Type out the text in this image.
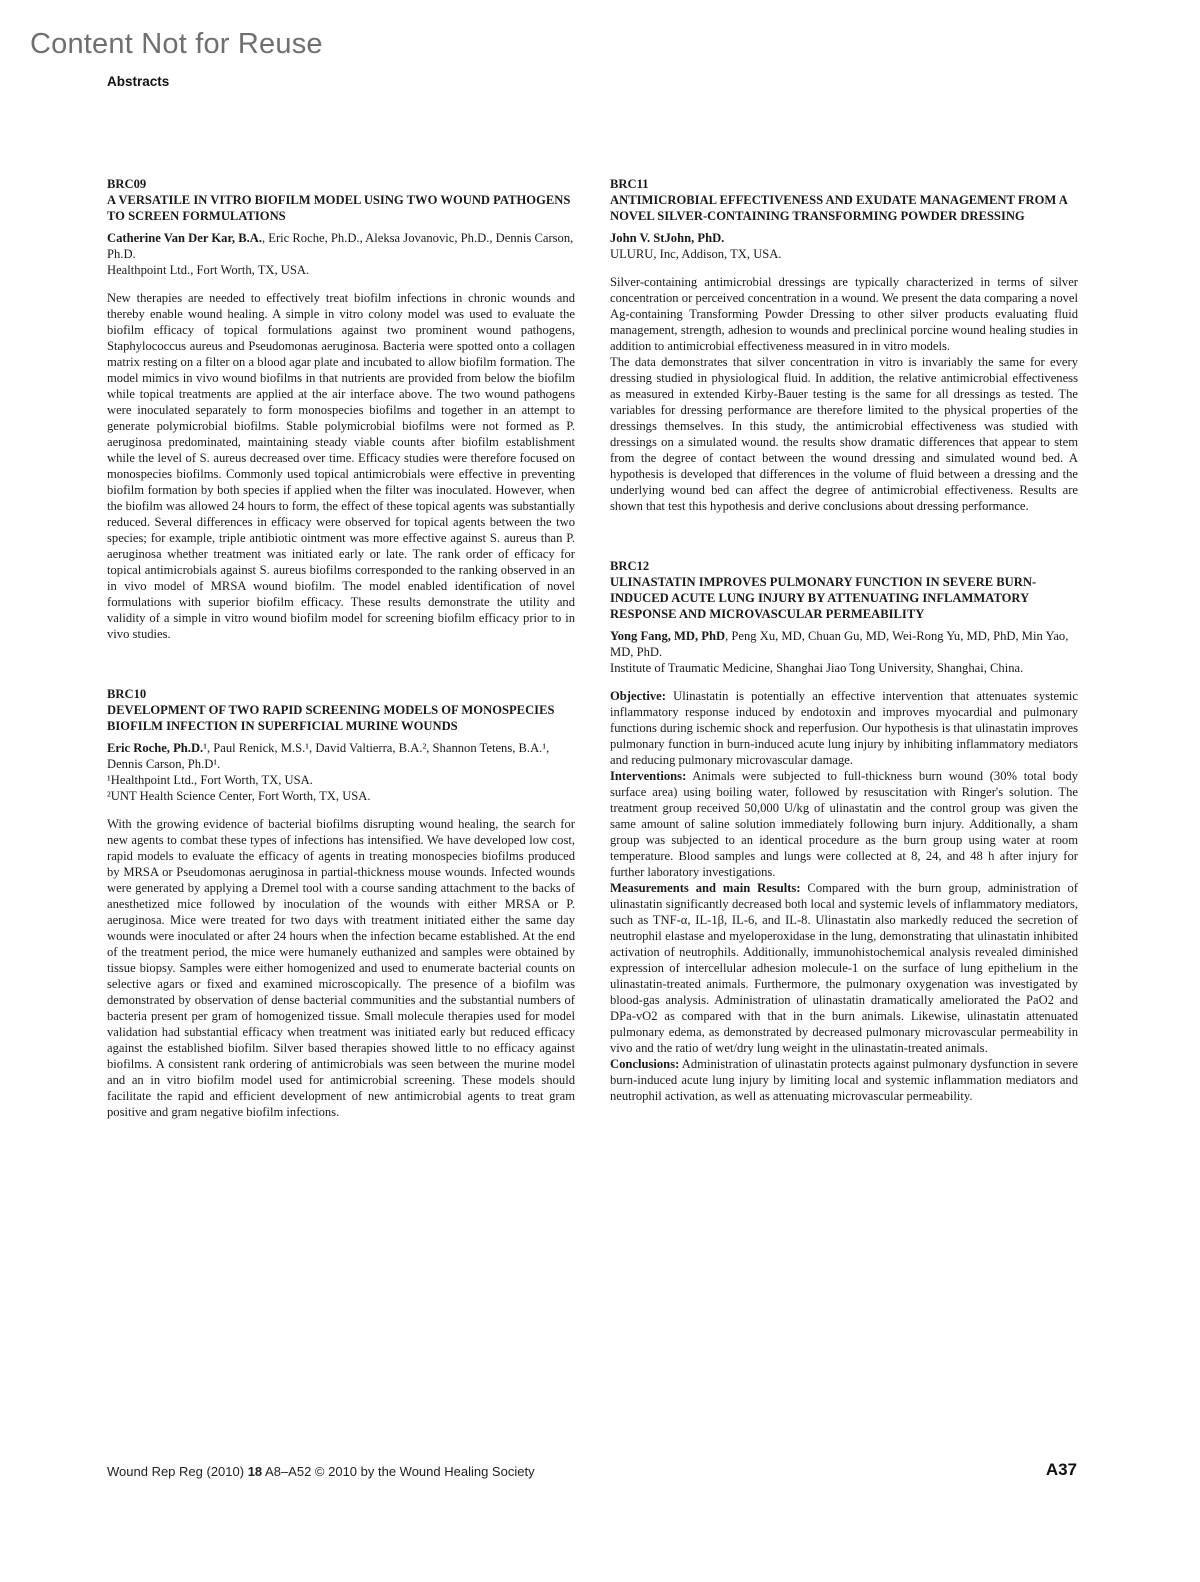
Content Not for Reuse
Abstracts
BRC09
A VERSATILE IN VITRO BIOFILM MODEL USING TWO WOUND PATHOGENS TO SCREEN FORMULATIONS
Catherine Van Der Kar, B.A., Eric Roche, Ph.D., Aleksa Jovanovic, Ph.D., Dennis Carson, Ph.D.
Healthpoint Ltd., Fort Worth, TX, USA.

New therapies are needed to effectively treat biofilm infections in chronic wounds and thereby enable wound healing. A simple in vitro colony model was used to evaluate the biofilm efficacy of topical formulations against two prominent wound pathogens, Staphylococcus aureus and Pseudomonas aeruginosa. Bacteria were spotted onto a collagen matrix resting on a filter on a blood agar plate and incubated to allow biofilm formation. The model mimics in vivo wound biofilms in that nutrients are provided from below the biofilm while topical treatments are applied at the air interface above. The two wound pathogens were inoculated separately to form monospecies biofilms and together in an attempt to generate polymicrobial biofilms. Stable polymicrobial biofilms were not formed as P. aeruginosa predominated, maintaining steady viable counts after biofilm establishment while the level of S. aureus decreased over time. Efficacy studies were therefore focused on monospecies biofilms. Commonly used topical antimicrobials were effective in preventing biofilm formation by both species if applied when the filter was inoculated. However, when the biofilm was allowed 24 hours to form, the effect of these topical agents was substantially reduced. Several differences in efficacy were observed for topical agents between the two species; for example, triple antibiotic ointment was more effective against S. aureus than P. aeruginosa whether treatment was initiated early or late. The rank order of efficacy for topical antimicrobials against S. aureus biofilms corresponded to the ranking observed in an in vivo model of MRSA wound biofilm. The model enabled identification of novel formulations with superior biofilm efficacy. These results demonstrate the utility and validity of a simple in vitro wound biofilm model for screening biofilm efficacy prior to in vivo studies.

BRC10
DEVELOPMENT OF TWO RAPID SCREENING MODELS OF MONOSPECIES BIOFILM INFECTION IN SUPERFICIAL MURINE WOUNDS
Eric Roche, Ph.D.¹, Paul Renick, M.S.¹, David Valtierra, B.A.², Shannon Tetens, B.A.¹, Dennis Carson, Ph.D¹.
¹Healthpoint Ltd., Fort Worth, TX, USA.
²UNT Health Science Center, Fort Worth, TX, USA.

With the growing evidence of bacterial biofilms disrupting wound healing, the search for new agents to combat these types of infections has intensified. We have developed low cost, rapid models to evaluate the efficacy of agents in treating monospecies biofilms produced by MRSA or Pseudomonas aeruginosa in partial-thickness mouse wounds. Infected wounds were generated by applying a Dremel tool with a course sanding attachment to the backs of anesthetized mice followed by inoculation of the wounds with either MRSA or P. aeruginosa. Mice were treated for two days with treatment initiated either the same day wounds were inoculated or after 24 hours when the infection became established. At the end of the treatment period, the mice were humanely euthanized and samples were obtained by tissue biopsy. Samples were either homogenized and used to enumerate bacterial counts on selective agars or fixed and examined microscopically. The presence of a biofilm was demonstrated by observation of dense bacterial communities and the substantial numbers of bacteria present per gram of homogenized tissue. Small molecule therapies used for model validation had substantial efficacy when treatment was initiated early but reduced efficacy against the established biofilm. Silver based therapies showed little to no efficacy against biofilms. A consistent rank ordering of antimicrobials was seen between the murine model and an in vitro biofilm model used for antimicrobial screening. These models should facilitate the rapid and efficient development of new antimicrobial agents to treat gram positive and gram negative biofilm infections.

BRC11
ANTIMICROBIAL EFFECTIVENESS AND EXUDATE MANAGEMENT FROM A NOVEL SILVER-CONTAINING TRANSFORMING POWDER DRESSING
John V. StJohn, PhD.
ULURU, Inc, Addison, TX, USA.

Silver-containing antimicrobial dressings are typically characterized in terms of silver concentration or perceived concentration in a wound. We present the data comparing a novel Ag-containing Transforming Powder Dressing to other silver products evaluating fluid management, strength, adhesion to wounds and preclinical porcine wound healing studies in addition to antimicrobial effectiveness measured in in vitro models.

The data demonstrates that silver concentration in vitro is invariably the same for every dressing studied in physiological fluid. In addition, the relative antimicrobial effectiveness as measured in extended Kirby-Bauer testing is the same for all dressings as tested. The variables for dressing performance are therefore limited to the physical properties of the dressings themselves. In this study, the antimicrobial effectiveness was studied with dressings on a simulated wound. the results show dramatic differences that appear to stem from the degree of contact between the wound dressing and simulated wound bed. A hypothesis is developed that differences in the volume of fluid between a dressing and the underlying wound bed can affect the degree of antimicrobial effectiveness. Results are shown that test this hypothesis and derive conclusions about dressing performance.

BRC12
ULINASTATIN IMPROVES PULMONARY FUNCTION IN SEVERE BURN-INDUCED ACUTE LUNG INJURY BY ATTENUATING INFLAMMATORY RESPONSE AND MICROVASCULAR PERMEABILITY
Yong Fang, MD, PhD, Peng Xu, MD, Chuan Gu, MD, Wei-Rong Yu, MD, PhD, Min Yao, MD, PhD.
Institute of Traumatic Medicine, Shanghai Jiao Tong University, Shanghai, China.

Objective: Ulinastatin is potentially an effective intervention that attenuates systemic inflammatory response induced by endotoxin and improves myocardial and pulmonary functions during ischemic shock and reperfusion. Our hypothesis is that ulinastatin improves pulmonary function in burn-induced acute lung injury by inhibiting inflammatory mediators and reducing pulmonary microvascular damage.

Interventions: Animals were subjected to full-thickness burn wound (30% total body surface area) using boiling water, followed by resuscitation with Ringer's solution. The treatment group received 50,000 U/kg of ulinastatin and the control group was given the same amount of saline solution immediately following burn injury. Additionally, a sham group was subjected to an identical procedure as the burn group using water at room temperature. Blood samples and lungs were collected at 8, 24, and 48 h after injury for further laboratory investigations.

Measurements and main Results: Compared with the burn group, administration of ulinastatin significantly decreased both local and systemic levels of inflammatory mediators, such as TNF-α, IL-1β, IL-6, and IL-8. Ulinastatin also markedly reduced the secretion of neutrophil elastase and myeloperoxidase in the lung, demonstrating that ulinastatin inhibited activation of neutrophils. Additionally, immunohistochemical analysis revealed diminished expression of intercellular adhesion molecule-1 on the surface of lung epithelium in the ulinastatin-treated animals. Furthermore, the pulmonary oxygenation was investigated by blood-gas analysis. Administration of ulinastatin dramatically ameliorated the PaO2 and DPa-vO2 as compared with that in the burn animals. Likewise, ulinastatin attenuated pulmonary edema, as demonstrated by decreased pulmonary microvascular permeability in vivo and the ratio of wet/dry lung weight in the ulinastatin-treated animals.

Conclusions: Administration of ulinastatin protects against pulmonary dysfunction in severe burn-induced acute lung injury by limiting local and systemic inflammation mediators and neutrophil activation, as well as attenuating microvascular permeability.

Wound Rep Reg (2010) 18 A8–A52 © 2010 by the Wound Healing Society	A37
